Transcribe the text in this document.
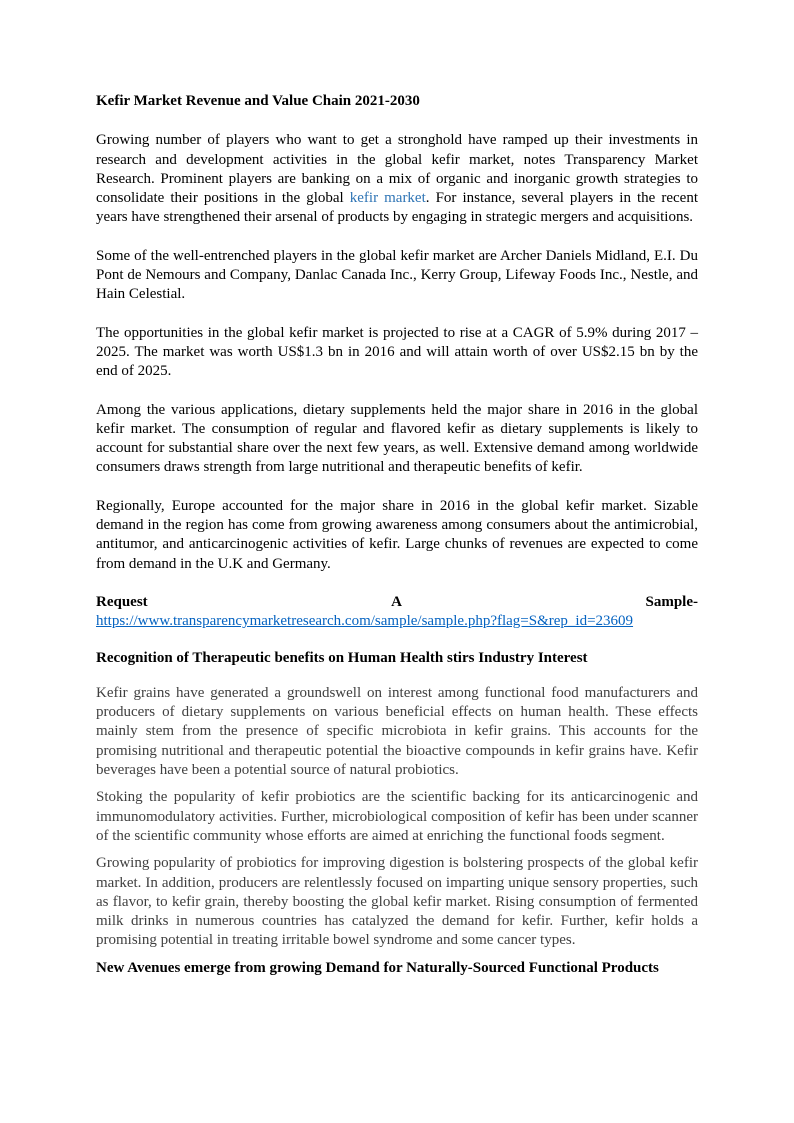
Kefir Market Revenue and Value Chain 2021-2030

Growing number of players who want to get a stronghold have ramped up their investments in research and development activities in the global kefir market, notes Transparency Market Research. Prominent players are banking on a mix of organic and inorganic growth strategies to consolidate their positions in the global kefir market. For instance, several players in the recent years have strengthened their arsenal of products by engaging in strategic mergers and acquisitions.

Some of the well-entrenched players in the global kefir market are Archer Daniels Midland, E.I. Du Pont de Nemours and Company, Danlac Canada Inc., Kerry Group, Lifeway Foods Inc., Nestle, and Hain Celestial.

The opportunities in the global kefir market is projected to rise at a CAGR of 5.9% during 2017 – 2025. The market was worth US$1.3 bn in 2016 and will attain worth of over US$2.15 bn by the end of 2025.

Among the various applications, dietary supplements held the major share in 2016 in the global kefir market. The consumption of regular and flavored kefir as dietary supplements is likely to account for substantial share over the next few years, as well. Extensive demand among worldwide consumers draws strength from large nutritional and therapeutic benefits of kefir.

Regionally, Europe accounted for the major share in 2016 in the global kefir market. Sizable demand in the region has come from growing awareness among consumers about the antimicrobial, antitumor, and anticarcinogenic activities of kefir. Large chunks of revenues are expected to come from demand in the U.K and Germany.

Request	A	Sample-
https://www.transparencymarketresearch.com/sample/sample.php?flag=S&rep_id=23609
Recognition of Therapeutic benefits on Human Health stirs Industry Interest

Kefir grains have generated a groundswell on interest among functional food manufacturers and producers of dietary supplements on various beneficial effects on human health. These effects mainly stem from the presence of specific microbiota in kefir grains. This accounts for the promising nutritional and therapeutic potential the bioactive compounds in kefir grains have. Kefir beverages have been a potential source of natural probiotics.

Stoking the popularity of kefir probiotics are the scientific backing for its anticarcinogenic and immunomodulatory activities. Further, microbiological composition of kefir has been under scanner of the scientific community whose efforts are aimed at enriching the functional foods segment.

Growing popularity of probiotics for improving digestion is bolstering prospects of the global kefir market. In addition, producers are relentlessly focused on imparting unique sensory properties, such as flavor, to kefir grain, thereby boosting the global kefir market. Rising consumption of fermented milk drinks in numerous countries has catalyzed the demand for kefir. Further, kefir holds a promising potential in treating irritable bowel syndrome and some cancer types.

New Avenues emerge from growing Demand for Naturally-Sourced Functional Products
